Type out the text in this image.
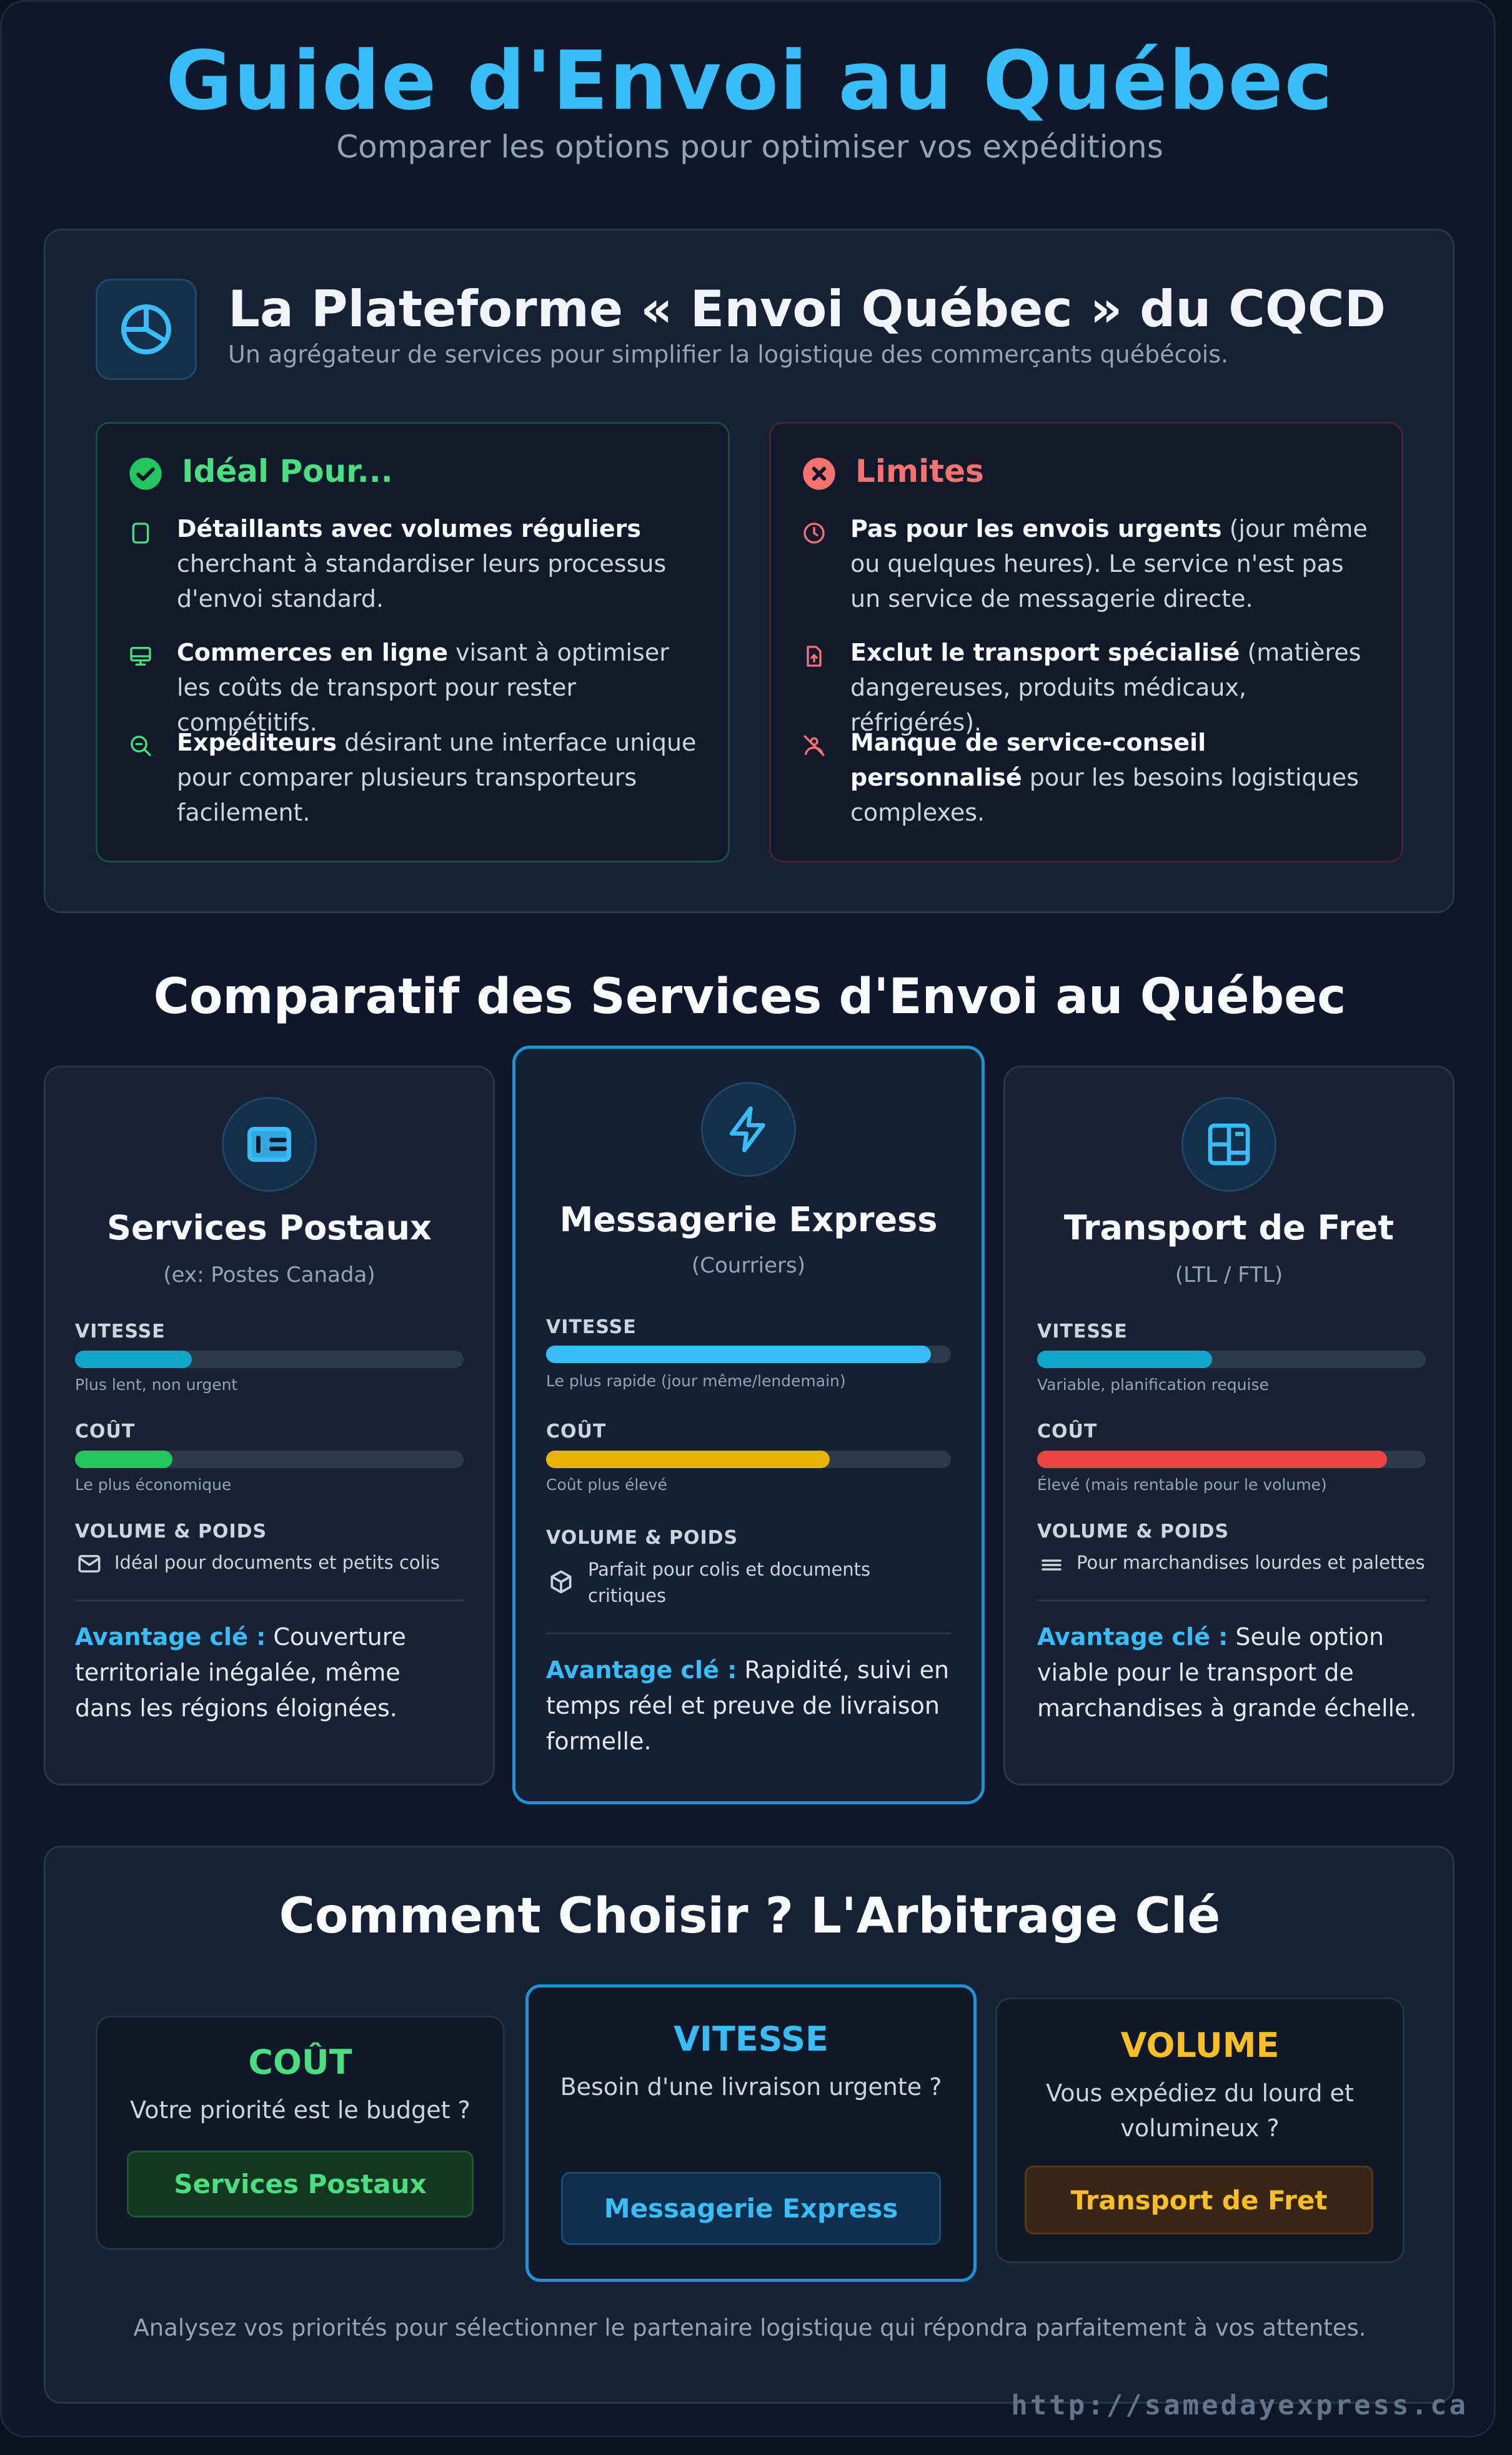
Guide d'Envoi au Québec
Comparer les options pour optimiser vos expéditions
La Plateforme « Envoi Québec » du CQCD
Un agrégateur de services pour simplifier la logistique des commerçants québécois.
Idéal Pour...
Détaillants avec volumes réguliers cherchant à standardiser leurs processus d'envoi standard.
Commerces en ligne visant à optimiser les coûts de transport pour rester compétitifs.
Expéditeurs désirant une interface unique pour comparer plusieurs transporteurs facilement.
Limites
Pas pour les envois urgents (jour même ou quelques heures). Le service n'est pas un service de messagerie directe.
Exclut le transport spécialisé (matières dangereuses, produits médicaux, réfrigérés).
Manque de service-conseil personnalisé pour les besoins logistiques complexes.
Comparatif des Services d'Envoi au Québec
Services Postaux
(ex: Postes Canada)
VITESSE
Plus lent, non urgent
COÛT
Le plus économique
VOLUME & POIDS
Idéal pour documents et petits colis
Avantage clé : Couverture territoriale inégalée, même dans les régions éloignées.
Messagerie Express
(Courriers)
VITESSE
Le plus rapide (jour même/lendemain)
COÛT
Coût plus élevé
VOLUME & POIDS
Parfait pour colis et documents critiques
Avantage clé : Rapidité, suivi en temps réel et preuve de livraison formelle.
Transport de Fret
(LTL / FTL)
VITESSE
Variable, planification requise
COÛT
Élevé (mais rentable pour le volume)
VOLUME & POIDS
Pour marchandises lourdes et palettes
Avantage clé : Seule option viable pour le transport de marchandises à grande échelle.
Comment Choisir ? L'Arbitrage Clé
COÛT
Votre priorité est le budget ?
Services Postaux
VITESSE
Besoin d'une livraison urgente ?
Messagerie Express
VOLUME
Vous expédiez du lourd et volumineux ?
Transport de Fret
Analysez vos priorités pour sélectionner le partenaire logistique qui répondra parfaitement à vos attentes.
http://samedayexpress.ca
